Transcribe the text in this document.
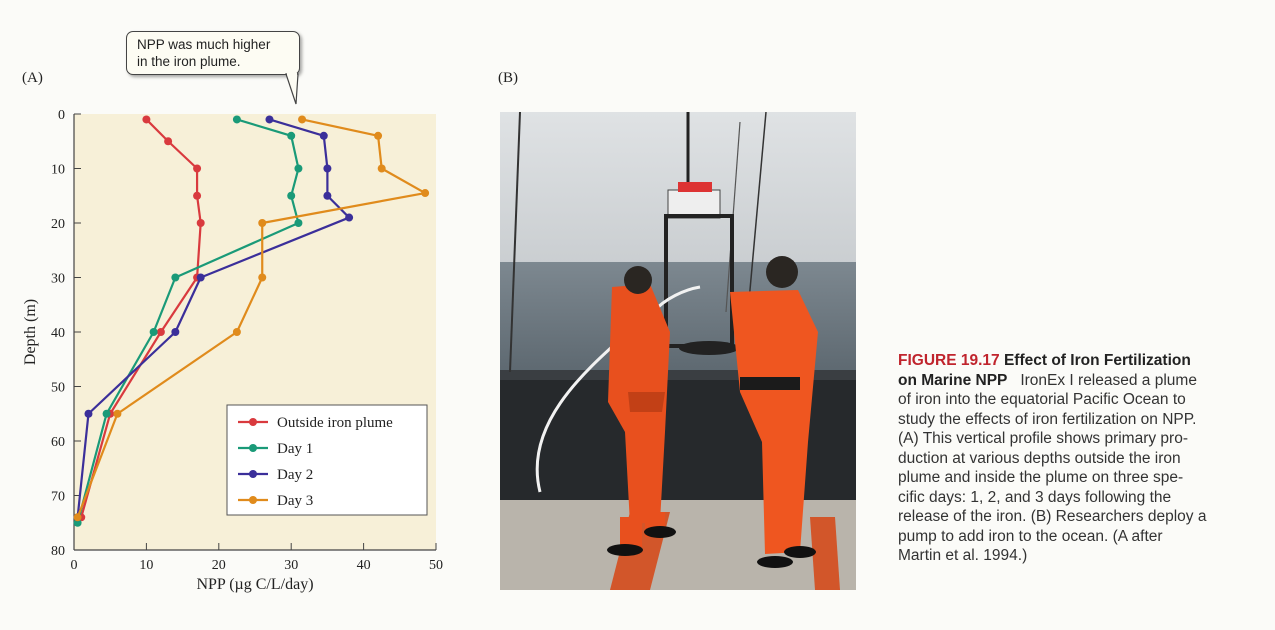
(A)	(B)
NPP was much higher
in the iron plume.
0
10
20
30
40
50
60
70
80
0	10	20	30	40	50
Outside iron plume
Day 1
Day 2
Day 3
NPP (µg C/L/day)
Depth (m)	FIGURE 19.17 Effect of Iron Fertilization
on Marine NPP IronEx I released a plume
of iron into the equatorial Pacific Ocean to
study the effects of iron fertilization on NPP.
(A) This vertical profile shows primary pro-
duction at various depths outside the iron
plume and inside the plume on three spe-
cific days: 1, 2, and 3 days following the
release of the iron. (B) Researchers deploy a
pump to add iron to the ocean. (A after
Martin et al. 1994.)
